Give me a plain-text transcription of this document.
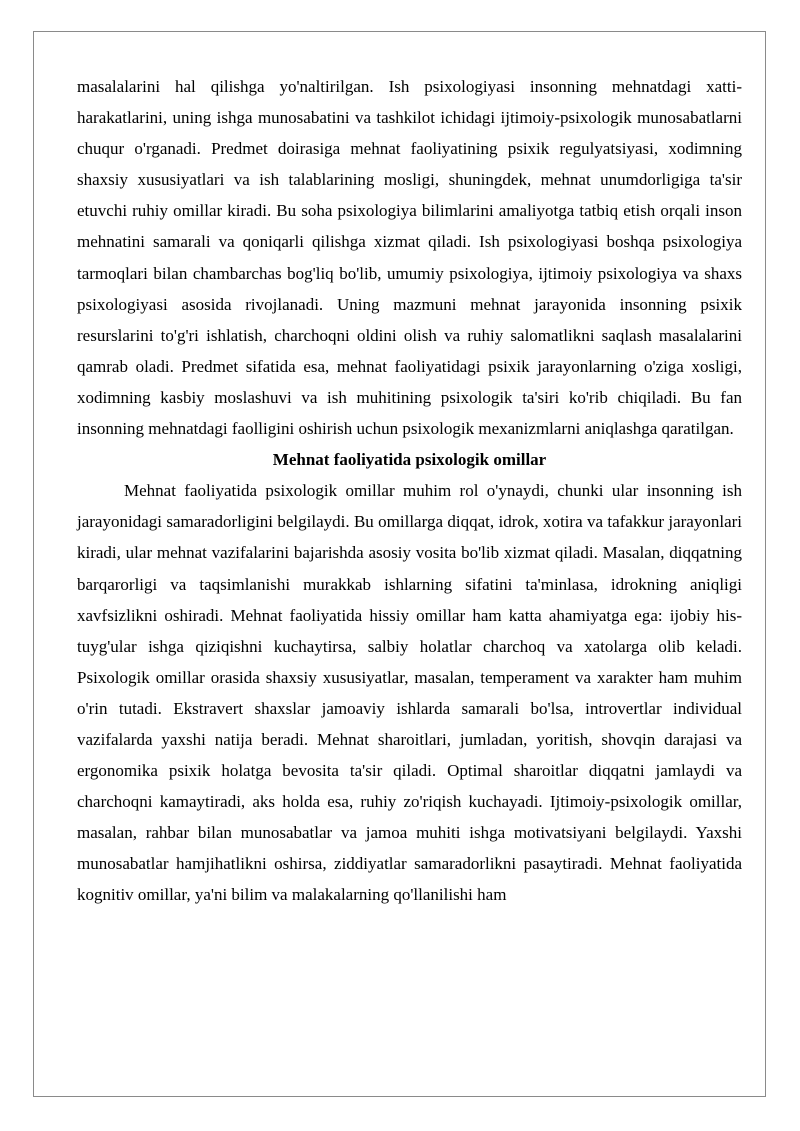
masalalarini hal qilishga yo'naltirilgan. Ish psixologiyasi insonning mehnatdagi xatti-harakatlarini, uning ishga munosabatini va tashkilot ichidagi ijtimoiy-psixologik munosabatlarni chuqur o'rganadi. Predmet doirasiga mehnat faoliyatining psixik regulyatsiyasi, xodimning shaxsiy xususiyatlari va ish talablarining mosligi, shuningdek, mehnat unumdorligiga ta'sir etuvchi ruhiy omillar kiradi. Bu soha psixologiya bilimlarini amaliyotga tatbiq etish orqali inson mehnatini samarali va qoniqarli qilishga xizmat qiladi. Ish psixologiyasi boshqa psixologiya tarmoqlari bilan chambarchas bog'liq bo'lib, umumiy psixologiya, ijtimoiy psixologiya va shaxs psixologiyasi asosida rivojlanadi. Uning mazmuni mehnat jarayonida insonning psixik resurslarini to'g'ri ishlatish, charchoqni oldini olish va ruhiy salomatlikni saqlash masalalarini qamrab oladi. Predmet sifatida esa, mehnat faoliyatidagi psixik jarayonlarning o'ziga xosligi, xodimning kasbiy moslashuvi va ish muhitining psixologik ta'siri ko'rib chiqiladi. Bu fan insonning mehnatdagi faolligini oshirish uchun psixologik mexanizmlarni aniqlashga qaratilgan.

Mehnat faoliyatida psixologik omillar

Mehnat faoliyatida psixologik omillar muhim rol o'ynaydi, chunki ular insonning ish jarayonidagi samaradorligini belgilaydi. Bu omillarga diqqat, idrok, xotira va tafakkur jarayonlari kiradi, ular mehnat vazifalarini bajarishda asosiy vosita bo'lib xizmat qiladi. Masalan, diqqatning barqarorligi va taqsimlanishi murakkab ishlarning sifatini ta'minlasa, idrokning aniqligi xavfsizlikni oshiradi. Mehnat faoliyatida hissiy omillar ham katta ahamiyatga ega: ijobiy his-tuyg'ular ishga qiziqishni kuchaytirsa, salbiy holatlar charchoq va xatolarga olib keladi. Psixologik omillar orasida shaxsiy xususiyatlar, masalan, temperament va xarakter ham muhim o'rin tutadi. Ekstravert shaxslar jamoaviy ishlarda samarali bo'lsa, introvertlar individual vazifalarda yaxshi natija beradi. Mehnat sharoitlari, jumladan, yoritish, shovqin darajasi va ergonomika psixik holatga bevosita ta'sir qiladi. Optimal sharoitlar diqqatni jamlaydi va charchoqni kamaytiradi, aks holda esa, ruhiy zo'riqish kuchayadi. Ijtimoiy-psixologik omillar, masalan, rahbar bilan munosabatlar va jamoa muhiti ishga motivatsiyani belgilaydi. Yaxshi munosabatlar hamjihatlikni oshirsa, ziddiyatlar samaradorlikni pasaytiradi. Mehnat faoliyatida kognitiv omillar, ya'ni bilim va malakalarning qo'llanilishi ham
